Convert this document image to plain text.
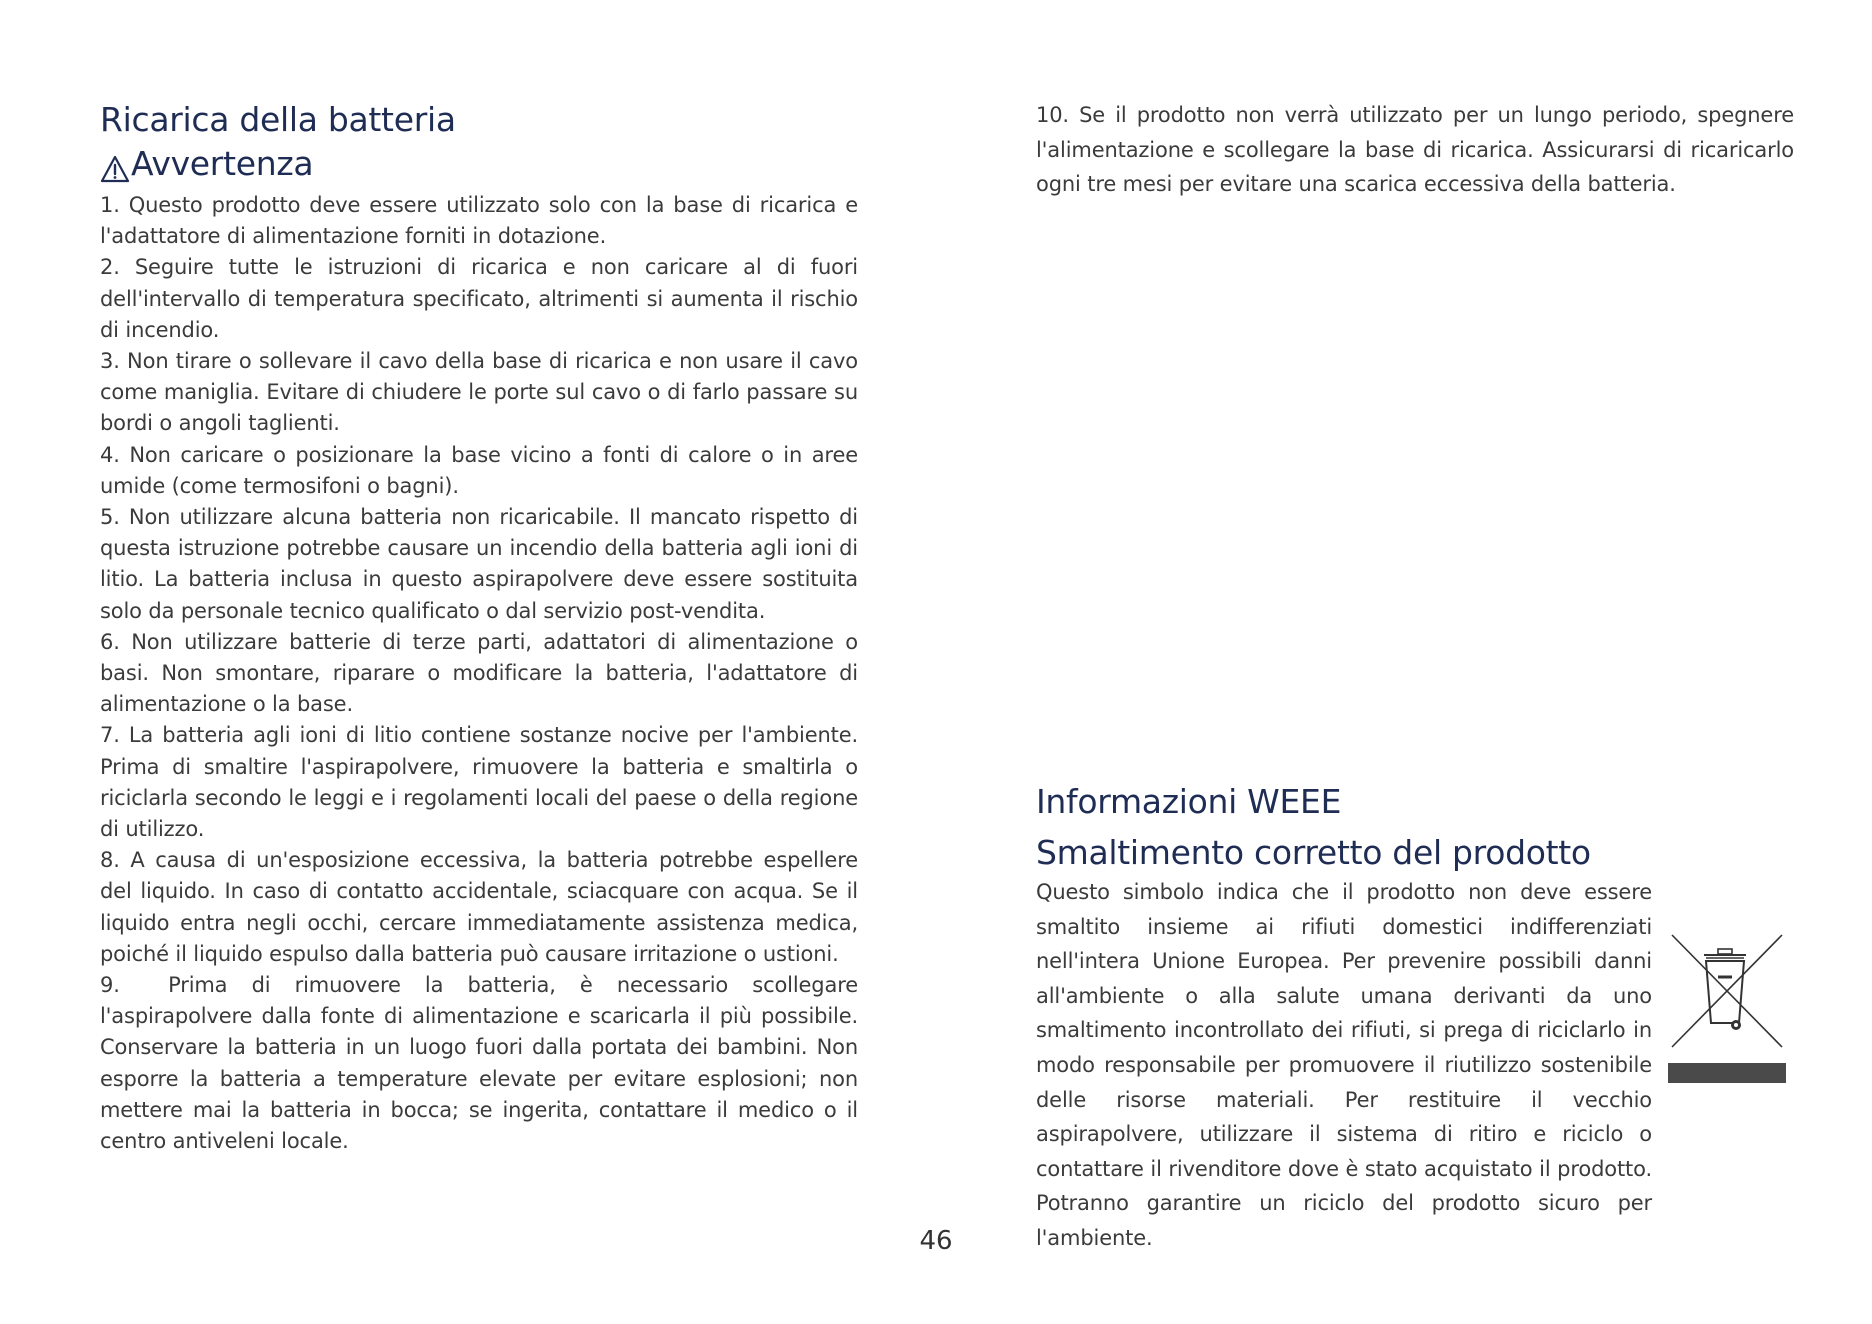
Ricarica della batteria
Avvertenza

1. Questo prodotto deve essere utilizzato solo con la base di ricarica e l'adattatore di alimentazione forniti in dotazione.

2. Seguire tutte le istruzioni di ricarica e non caricare al di fuori dell'intervallo di temperatura specificato, altrimenti si aumenta il rischio di incendio.

3. Non tirare o sollevare il cavo della base di ricarica e non usare il cavo come maniglia. Evitare di chiudere le porte sul cavo o di farlo passare su bordi o angoli taglienti.

4. Non caricare o posizionare la base vicino a fonti di calore o in aree umide (come termosifoni o bagni).

5. Non utilizzare alcuna batteria non ricaricabile. Il mancato rispetto di questa istruzione potrebbe causare un incendio della batteria agli ioni di litio. La batteria inclusa in questo aspirapolvere deve essere sostituita solo da personale tecnico qualificato o dal servizio post-vendita.

6. Non utilizzare batterie di terze parti, adattatori di alimentazione o basi. Non smontare, riparare o modificare la batteria, l'adattatore di alimentazione o la base.

7. La batteria agli ioni di litio contiene sostanze nocive per l'ambiente. Prima di smaltire l'aspirapolvere, rimuovere la batteria e smaltirla o riciclarla secondo le leggi e i regolamenti locali del paese o della regione di utilizzo.

8. A causa di un'esposizione eccessiva, la batteria potrebbe espellere del liquido. In caso di contatto accidentale, sciacquare con acqua. Se il liquido entra negli occhi, cercare immediatamente assistenza medica, poiché il liquido espulso dalla batteria può causare irritazione o ustioni.

9.  Prima di rimuovere la batteria, è necessario scollegare l'aspirapolvere dalla fonte di alimentazione e scaricarla il più possibile. Conservare la batteria in un luogo fuori dalla portata dei bambini. Non esporre la batteria a temperature elevate per evitare esplosioni; non mettere mai la batteria in bocca; se ingerita, contattare il medico o il centro antiveleni locale.

10. Se il prodotto non verrà utilizzato per un lungo periodo, spegnere l'alimentazione e scollegare la base di ricarica. Assicurarsi di ricaricarlo ogni tre mesi per evitare una scarica eccessiva della batteria.

Informazioni WEEE
Smaltimento corretto del prodotto

Questo simbolo indica che il prodotto non deve essere smaltito insieme ai rifiuti domestici indifferenziati nell'intera Unione Europea. Per prevenire possibili danni all'ambiente o alla salute umana derivanti da uno smaltimento incontrollato dei rifiuti, si prega di riciclarlo in modo responsabile per promuovere il riutilizzo sostenibile delle risorse materiali. Per restituire il vecchio aspirapolvere, utilizzare il sistema di ritiro e riciclo o contattare il rivenditore dove è stato acquistato il prodotto. Potranno garantire un riciclo del prodotto sicuro per l'ambiente.

46
